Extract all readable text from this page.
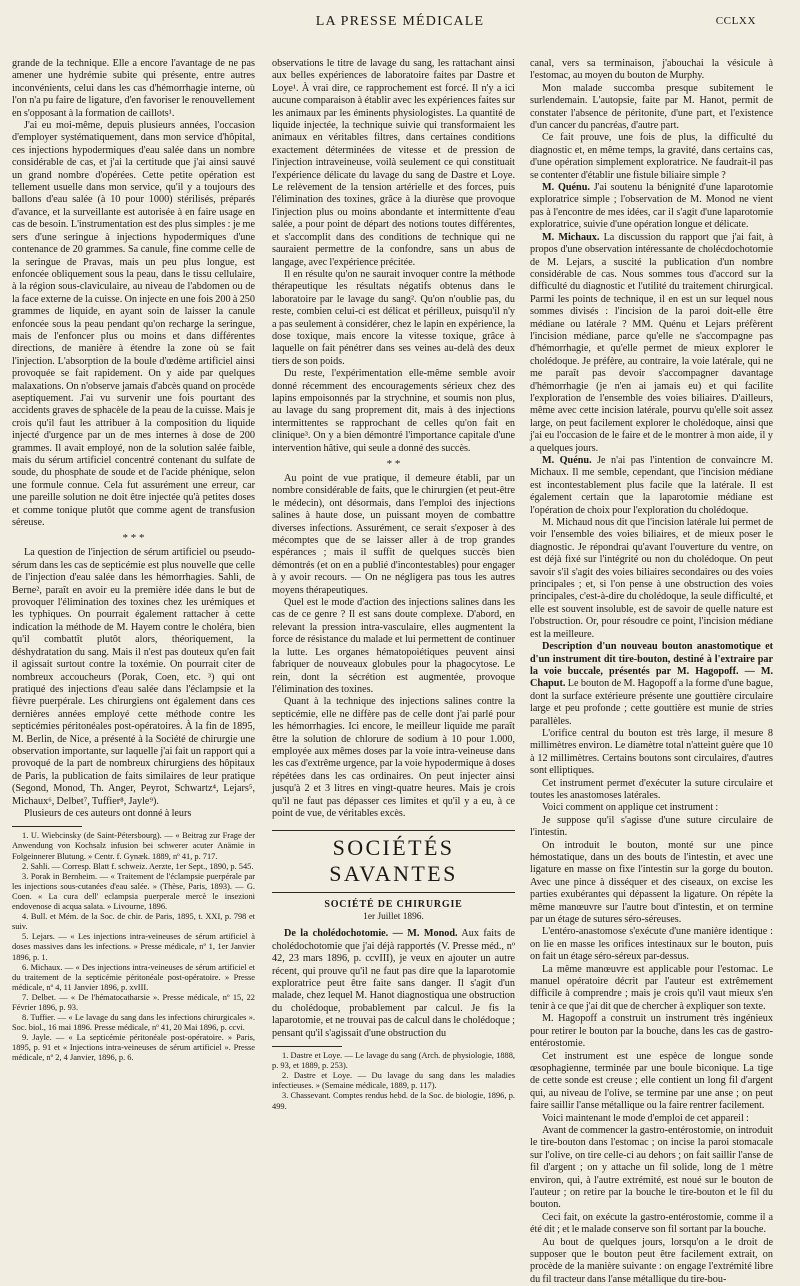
LA PRESSE MÉDICALE	CCLXX

grande de la technique. Elle a encore l'avantage de ne pas amener une hydrémie subite qui présente, entre autres inconvénients, celui dans les cas d'hémorrhagie interne, où l'on n'a pu faire de ligature, d'en favoriser le renouvellement en s'opposant à la formation de caillots¹.

J'ai eu moi-même, depuis plusieurs années, l'occasion d'employer systématiquement, dans mon service d'hôpital, ces injections hypodermiques d'eau salée dans un nombre considérable de cas, et j'ai la certitude que j'ai ainsi sauvé un grand nombre d'opérées. Cette petite opération est tellement usuelle dans mon service, qu'il y a toujours des ballons d'eau salée (à 10 pour 1000) stérilisés, préparés d'avance, et la surveillante est autorisée à en faire usage en cas de besoin. L'instrumentation est des plus simples : je me sers d'une seringue à injections hypodermiques d'une contenance de 20 grammes. Sa canule, fine comme celle de la seringue de Pravas, mais un peu plus longue, est enfoncée obliquement sous la peau, dans le tissu cellulaire, à la région sous-claviculaire, au niveau de l'abdomen ou de la face externe de la cuisse. On injecte en une fois 200 à 250 grammes de liquide, en ayant soin de laisser la canule enfoncée sous la peau pendant qu'on recharge la seringue, mais de l'enfoncer plus ou moins et dans différentes directions, de manière à étendre la zone où se fait l'injection. L'absorption de la boule d'œdème artificiel ainsi provoquée se fait rapidement. On y aide par quelques malaxations. On n'observe jamais d'abcès quand on procède aseptiquement. J'ai vu survenir une fois pourtant des accidents graves de sphacèle de la peau de la cuisse. Mais je crois qu'il faut les attribuer à la composition du liquide injecté d'urgence par un de mes internes à dose de 200 grammes. Il avait employé, non de la solution salée faible, mais du sérum artificiel concentré contenant du sulfate de soude, du phosphate de soude et de l'acide phénique, selon une formule connue. Cela fut assurément une erreur, car une pareille solution ne doit être injectée qu'à petites doses et comme tonique plutôt que comme agent de transfusion séreuse.

* * *

La question de l'injection de sérum artificiel ou pseudo-sérum dans les cas de septicémie est plus nouvelle que celle de l'injection d'eau salée dans les hémorrhagies. Sahli, de Berne², paraît en avoir eu la première idée dans le but de provoquer l'élimination des toxines chez les urémiques et les typhiques. On pourrait également rattacher à cette indication la méthode de M. Hayem contre le choléra, bien qu'il combattît plutôt alors, théoriquement, la déshydratation du sang. Mais il n'est pas douteux qu'en fait il agissait surtout contre la toxémie. On pourrait citer de nombreux accoucheurs (Porak, Coen, etc. ³) qui ont pratiqué des injections d'eau salée dans l'éclampsie et la fièvre puerpérale. Les chirurgiens ont également dans ces dernières années employé cette méthode contre les septicémies péritonéales post-opératoires. À la fin de 1895, M. Berlin, de Nice, a présenté à la Société de chirurgie une observation importante, sur laquelle j'ai fait un rapport qui a provoqué de la part de nombreux chirurgiens des hôpitaux de Paris, la publication de faits similaires de leur pratique (Segond, Monod, Th. Anger, Peyrot, Schwartz⁴, Lejars⁵, Michaux⁶, Delbet⁷, Tuffier⁸, Jayle⁹).

Plusieurs de ces auteurs ont donné à leurs

1. U. Wiebcinsky (de Saint-Pétersbourg). — « Beitrag zur Frage der Anwendung von Kochsalz infusion bei schwerer acuter Anämie in Folgeinnerer Blutung. » Centr. f. Gynæk. 1889, nº 41, p. 717.

2. Sahli. — Corresp. Blatt f. schweiz. Aerzte, 1er Sept., 1890, p. 545.

3. Porak in Bernheim. — « Traitement de l'éclampsie puerpérale par les injections sous-cutanées d'eau salée. » (Thèse, Paris, 1893). — G. Coen. « La cura dell' eclampsia puerperale mercè le insezioni endovenose di acqua salata. » Livourne, 1896.

4. Bull. et Mém. de la Soc. de chir. de Paris, 1895, t. XXI, p. 798 et suiv.

5. Lejars. — « Les injections intra-veineuses de sérum artificiel à doses massives dans les infections. » Presse médicale, nº 1, 1er Janvier 1896, p. 1.

6. Michaux. — « Des injections intra-veineuses de sérum artificiel et du traitement de la septicémie péritonéale post-opératoire. » Presse médicale, nº 4, 11 Janvier 1896, p. xvIII.

7. Delbet. — « De l'hématocatharsie ». Presse médicale, nº 15, 22 Février 1896, p. 93.

8. Tuffier. — « Le lavage du sang dans les infections chirurgicales ». Soc. biol., 16 mai 1896. Presse médicale, nº 41, 20 Mai 1896, p. ccvi.

9. Jayle. — « La septicémie péritonéale post-opératoire. » Paris, 1895, p. 91 et « Injections intra-veineuses de sérum artificiel ». Presse médicale, nº 2, 4 Janvier, 1896, p. 6.

observations le titre de lavage du sang, les rattachant ainsi aux belles expériences de laboratoire faites par Dastre et Loye¹. À vrai dire, ce rapprochement est forcé. Il n'y a ici aucune comparaison à établir avec les expériences faites sur les animaux par les éminents physiologistes. La quantité de liquide injectée, la technique suivie qui transformaient les animaux en véritables filtres, dans certaines conditions exactement déterminées de vitesse et de pression de l'injection intraveineuse, voilà seulement ce qui constituait l'expérience délicate du lavage du sang de Dastre et Loye. Le relèvement de la tension artérielle et des forces, puis l'élimination des toxines, grâce à la diurèse que provoque l'injection plus ou moins abondante et intermittente d'eau salée, a pour point de départ des notions toutes différentes, et s'accomplit dans des conditions de technique qui ne sauraient permettre de la confondre, sans un abus de langage, avec l'expérience précitée.

Il en résulte qu'on ne saurait invoquer contre la méthode thérapeutique les résultats négatifs obtenus dans le laboratoire par le lavage du sang². Qu'on n'oublie pas, du reste, combien celui-ci est délicat et périlleux, puisqu'il n'y a pas seulement à considérer, chez le lapin en expérience, la dose toxique, mais encore la vitesse toxique, grâce à laquelle on fait pénétrer dans ses veines au-delà des deux tiers de son poids.

Du reste, l'expérimentation elle-même semble avoir donné récemment des encouragements sérieux chez des lapins empoisonnés par la strychnine, et soumis non plus, au lavage du sang proprement dit, mais à des injections intermittentes se rapprochant de celles qu'on fait en clinique³. On y a bien démontré l'importance capitale d'une intervention hâtive, qui seule a donné des succès.

* *

Au point de vue pratique, il demeure établi, par un nombre considérable de faits, que le chirurgien (et peut-être le médecin), ont désormais, dans l'emploi des injections salines à haute dose, un puissant moyen de combattre diverses infections. Assurément, ce serait s'exposer à des mécomptes que de se laisser aller à de trop grandes espérances ; mais il suffit de quelques succès bien démontrés (et on en a publié d'incontestables) pour engager à y avoir recours. — On ne négligera pas tous les autres moyens thérapeutiques.

Quel est le mode d'action des injections salines dans les cas de ce genre ? Il est sans doute complexe. D'abord, en relevant la pression intra-vasculaire, elles augmentent la force de résistance du malade et lui permettent de continuer la lutte. Les organes hématopoiétiques peuvent ainsi fabriquer de nouveaux globules pour la phagocytose. Le rein, dont la sécrétion est augmentée, provoque l'élimination des toxines.

Quant à la technique des injections salines contre la septicémie, elle ne diffère pas de celle dont j'ai parlé pour les hémorrhagies. Ici encore, le meilleur liquide me paraît être la solution de chlorure de sodium à 10 pour 1.000, employée aux mêmes doses par la voie intra-veineuse dans les cas d'extrême urgence, par la voie hypodermique à doses répétées dans les cas ordinaires. On peut injecter ainsi jusqu'à 2 et 3 litres en vingt-quatre heures. Mais je crois qu'il ne faut pas dépasser ces limites et qu'il y a eu, à ce point de vue, de véritables excès.

SOCIÉTÉS SAVANTES
SOCIÉTÉ DE CHIRURGIE
1er Juillet 1896.

De la cholédochotomie. — M. Monod. Aux faits de cholédochotomie que j'ai déjà rapportés (V. Presse méd., nº 42, 23 mars 1896, p. ccvIII), je veux en ajouter un autre récent, qui prouve qu'il ne faut pas dire que la laparotomie exploratrice peut être faite sans danger. Il s'agit d'un malade, chez lequel M. Hanot diagnostiqua une obstruction du cholédoque, probablement par calcul. Je fis la laparotomie, et ne trouvai pas de calcul dans le cholédoque ; pensant qu'il s'agissait d'une obstruction du

1. Dastre et Loye. — Le lavage du sang (Arch. de physiologie, 1888, p. 93, et 1889, p. 253).

2. Dastre et Loye. — Du lavage du sang dans les maladies infectieuses. » (Semaine médicale, 1889, p. 117).

3. Chassevant. Comptes rendus hebd. de la Soc. de biologie, 1896, p. 499.

canal, vers sa terminaison, j'abouchai la vésicule à l'estomac, au moyen du bouton de Murphy.

Mon malade succomba presque subitement le surlendemain. L'autopsie, faite par M. Hanot, permit de constater l'absence de péritonite, d'une part, et l'existence d'un cancer du pancréas, d'autre part.

Ce fait prouve, une fois de plus, la difficulté du diagnostic et, en même temps, la gravité, dans certains cas, d'une opération simplement exploratrice. Ne faudrait-il pas se contenter d'établir une fistule biliaire simple ?

M. Quénu. J'ai soutenu la bénignité d'une laparotomie exploratrice simple ; l'observation de M. Monod ne vient pas à l'encontre de mes idées, car il s'agit d'une laparotomie exploratrice, suivie d'une opération longue et délicate.

M. Michaux. La discussion du rapport que j'ai fait, à propos d'une observation intéressante de cholécdochotomie de M. Lejars, a suscité la publication d'un nombre considérable de cas. Nous sommes tous d'accord sur la difficulté du diagnostic et l'utilité du traitement chirurgical. Parmi les points de technique, il en est un sur lequel nous sommes divisés : l'incision de la paroi doit-elle être médiane ou latérale ? MM. Quénu et Lejars préfèrent l'incision médiane, parce qu'elle ne s'accompagne pas d'hémorrhagie, et qu'elle permet de mieux explorer le cholédoque. Je préfère, au contraire, la voie latérale, qui ne me paraît pas devoir s'accompagner davantage d'hémorrhagie (je n'en ai jamais eu) et qui facilite l'exploration de l'ensemble des voies biliaires. D'ailleurs, même avec cette incision latérale, pourvu qu'elle soit assez large, on peut facilement explorer le cholédoque, ainsi que j'ai eu l'occasion de le faire et de le montrer à mon aide, il y a quelques jours.

M. Quénu. Je n'ai pas l'intention de convaincre M. Michaux. Il me semble, cependant, que l'incision médiane est incontestablement plus facile que la latérale. Il est également certain que la laparotomie médiane est l'opération de choix pour l'exploration du cholédoque.

M. Michaud nous dit que l'incision latérale lui permet de voir l'ensemble des voies biliaires, et de mieux poser le diagnostic. Je répondrai qu'avant l'ouverture du ventre, on est déjà fixé sur l'intégrité ou non du cholédoque. On peut savoir s'il s'agit des voies biliaires secondaires ou des voies principales ; et, si l'on pense à une obstruction des voies principales, c'est-à-dire du cholédoque, la seule difficulté, et elle est souvent insoluble, est de savoir de quelle nature est l'obstruction. Or, pour résoudre ce point, l'incision médiane est la meilleure.

Description d'un nouveau bouton anastomotique et d'un instrument dit tire-bouton, destiné à l'extraire par la voie buccale, présentés par M. Hagopoff. — M. Chaput. Le bouton de M. Hagopoff a la forme d'une bague, dont la surface extérieure présente une gouttière circulaire large et peu profonde ; cette gouttière est munie de stries parallèles.

L'orifice central du bouton est très large, il mesure 8 millimètres environ. Le diamètre total n'atteint guère que 10 à 12 millimètres. Certains boutons sont circulaires, d'autres sont elliptiques.

Cet instrument permet d'exécuter la suture circulaire et toutes les anastomoses latérales.

Voici comment on applique cet instrument :

Je suppose qu'il s'agisse d'une suture circulaire de l'intestin.

On introduit le bouton, monté sur une pince hémostatique, dans un des bouts de l'intestin, et avec une ligature en masse on fixe l'intestin sur la gorge du bouton. Avec une pince à disséquer et des ciseaux, on excise les parties exubérantes qui dépassent la ligature. On répète la même manœuvre sur l'autre bout d'intestin, et on termine par un étage de sutures séro-séreuses.

L'entéro-anastomose s'exécute d'une manière identique : on lie en masse les orifices intestinaux sur le bouton, puis on fait un étage séro-séreux par-dessus.

La même manœuvre est applicable pour l'estomac. Le manuel opératoire décrit par l'auteur est extrêmement difficile à comprendre ; mais je crois qu'il vaut mieux s'en tenir à ce que j'ai dit que de chercher à expliquer son texte.

M. Hagopoff a construit un instrument très ingénieux pour retirer le bouton par la bouche, dans les cas de gastro-entérostomie.

Cet instrument est une espèce de longue sonde œsophagienne, terminée par une boule biconique. La tige de cette sonde est creuse ; elle contient un long fil d'argent qui, au niveau de l'olive, se termine par une anse ; on peut faire saillir l'anse métallique ou la faire rentrer facilement.

Voici maintenant le mode d'emploi de cet appareil :

Avant de commencer la gastro-entérostomie, on introduit le tire-bouton dans l'estomac ; on incise la paroi stomacale sur l'olive, on tire celle-ci au dehors ; on fait saillir l'anse de fil d'argent ; on y attache un fil solide, long de 1 mètre environ, qui, à l'autre extrémité, est noué sur le bouton de l'auteur ; on retire par la bouche le tire-bouton et le fil du bouton.

Ceci fait, on exécute la gastro-entérostomie, comme il a été dit ; et le malade conserve son fil sortant par la bouche.

Au bout de quelques jours, lorsqu'on a le droit de supposer que le bouton peut être facilement extrait, on procède de la manière suivante : on engage l'extrémité libre du fil tracteur dans l'anse métallique du tire-bou-
